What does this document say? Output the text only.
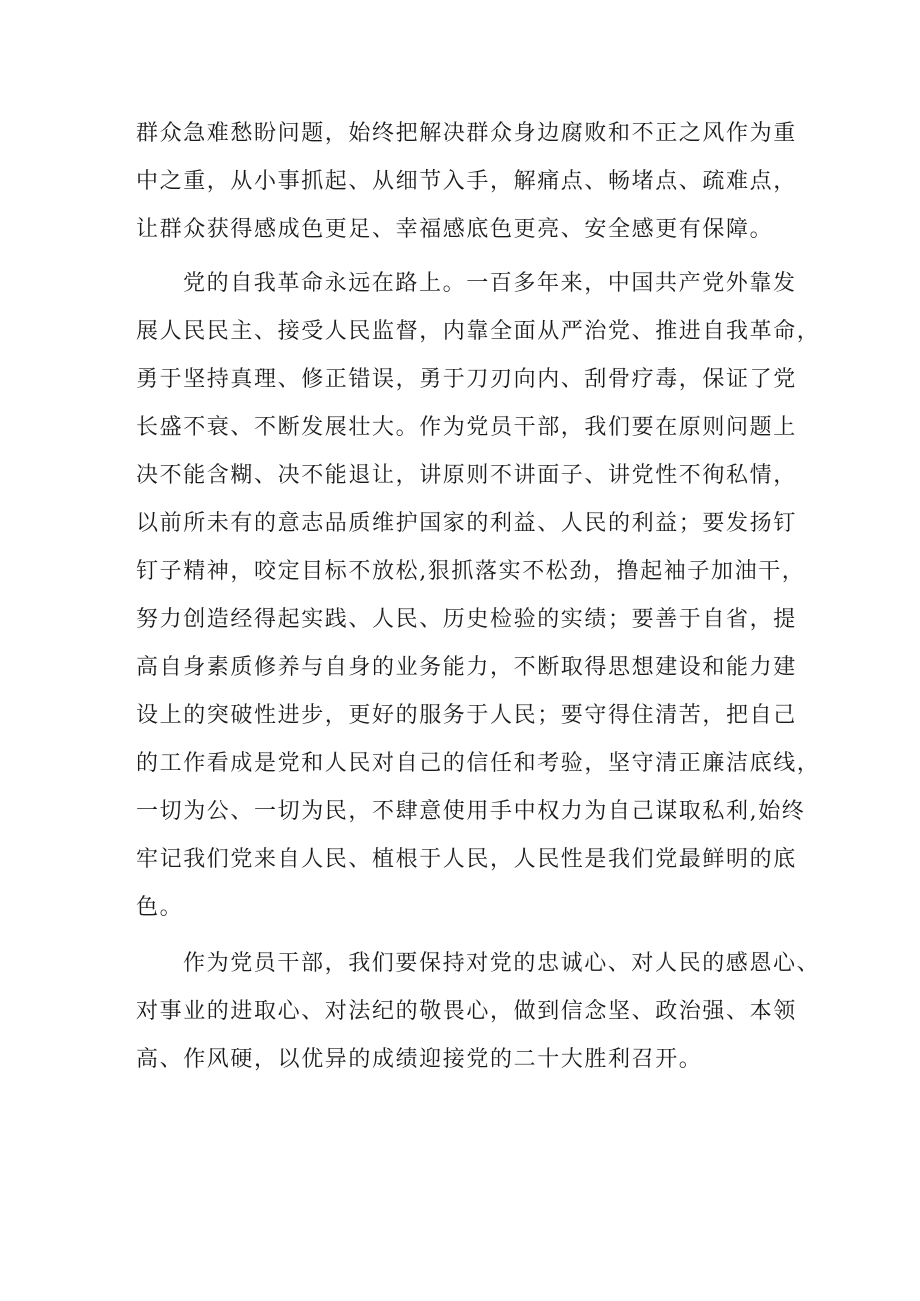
群众急难愁盼问题，始终把解决群众身边腐败和不正之风作为重
中之重，从小事抓起、从细节入手，解痛点、畅堵点、疏难点，
让群众获得感成色更足、幸福感底色更亮、安全感更有保障。
党的自我革命永远在路上。一百多年来，中国共产党外靠发
展人民民主、接受人民监督，内靠全面从严治党、推进自我革命，
勇于坚持真理、修正错误，勇于刀刃向内、刮骨疗毒，保证了党
长盛不衰、不断发展壮大。作为党员干部，我们要在原则问题上
决不能含糊、决不能退让，讲原则不讲面子、讲党性不徇私情，
以前所未有的意志品质维护国家的利益、人民的利益；要发扬钉
钉子精神，咬定目标不放松,狠抓落实不松劲，撸起袖子加油干，
努力创造经得起实践、人民、历史检验的实绩；要善于自省，提
高自身素质修养与自身的业务能力，不断取得思想建设和能力建
设上的突破性进步，更好的服务于人民；要守得住清苦，把自己
的工作看成是党和人民对自己的信任和考验，坚守清正廉洁底线，
一切为公、一切为民，不肆意使用手中权力为自己谋取私利,始终
牢记我们党来自人民、植根于人民，人民性是我们党最鲜明的底
色。
作为党员干部，我们要保持对党的忠诚心、对人民的感恩心、
对事业的进取心、对法纪的敬畏心，做到信念坚、政治强、本领
高、作风硬，以优异的成绩迎接党的二十大胜利召开。
